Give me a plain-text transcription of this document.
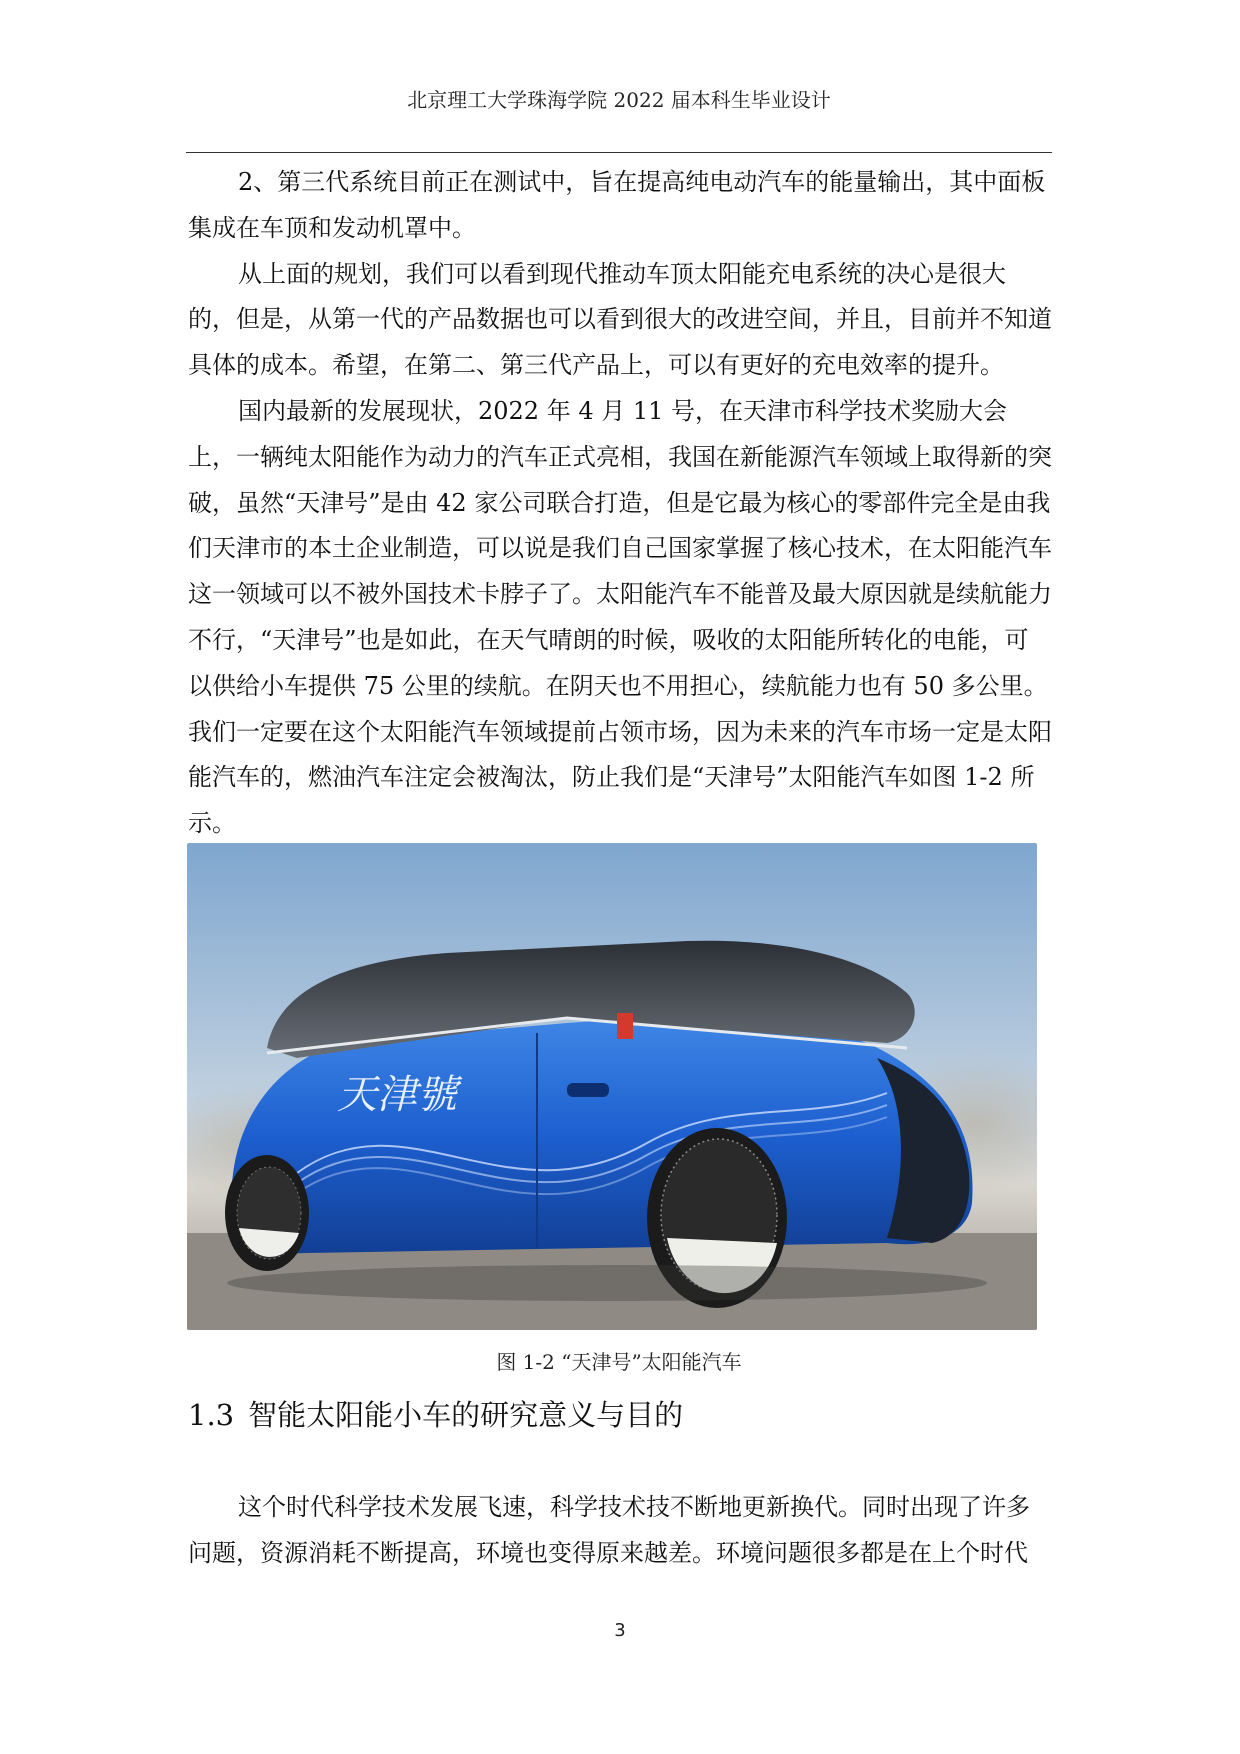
北京理工大学珠海学院 2022 届本科生毕业设计

2、第三代系统目前正在测试中，旨在提高纯电动汽车的能量输出，其中面板集成在车顶和发动机罩中。

从上面的规划，我们可以看到现代推动车顶太阳能充电系统的决心是很大的，但是，从第一代的产品数据也可以看到很大的改进空间，并且，目前并不知道具体的成本。希望，在第二、第三代产品上，可以有更好的充电效率的提升。

国内最新的发展现状，2022 年 4 月 11 号，在天津市科学技术奖励大会上，一辆纯太阳能作为动力的汽车正式亮相，我国在新能源汽车领域上取得新的突破，虽然“天津号”是由 42 家公司联合打造，但是它最为核心的零部件完全是由我们天津市的本土企业制造，可以说是我们自己国家掌握了核心技术，在太阳能汽车这一领域可以不被外国技术卡脖子了。太阳能汽车不能普及最大原因就是续航能力不行，“天津号”也是如此，在天气晴朗的时候，吸收的太阳能所转化的电能，可以供给小车提供 75 公里的续航。在阴天也不用担心，续航能力也有 50 多公里。我们一定要在这个太阳能汽车领域提前占领市场，因为未来的汽车市场一定是太阳能汽车的，燃油汽车注定会被淘汰，防止我们是“天津号”太阳能汽车如图 1-2 所示。

天津號
图 1-2 “天津号”太阳能汽车
1.3 智能太阳能小车的研究意义与目的

这个时代科学技术发展飞速，科学技术技不断地更新换代。同时出现了许多问题，资源消耗不断提高，环境也变得原来越差。环境问题很多都是在上个时代

3
